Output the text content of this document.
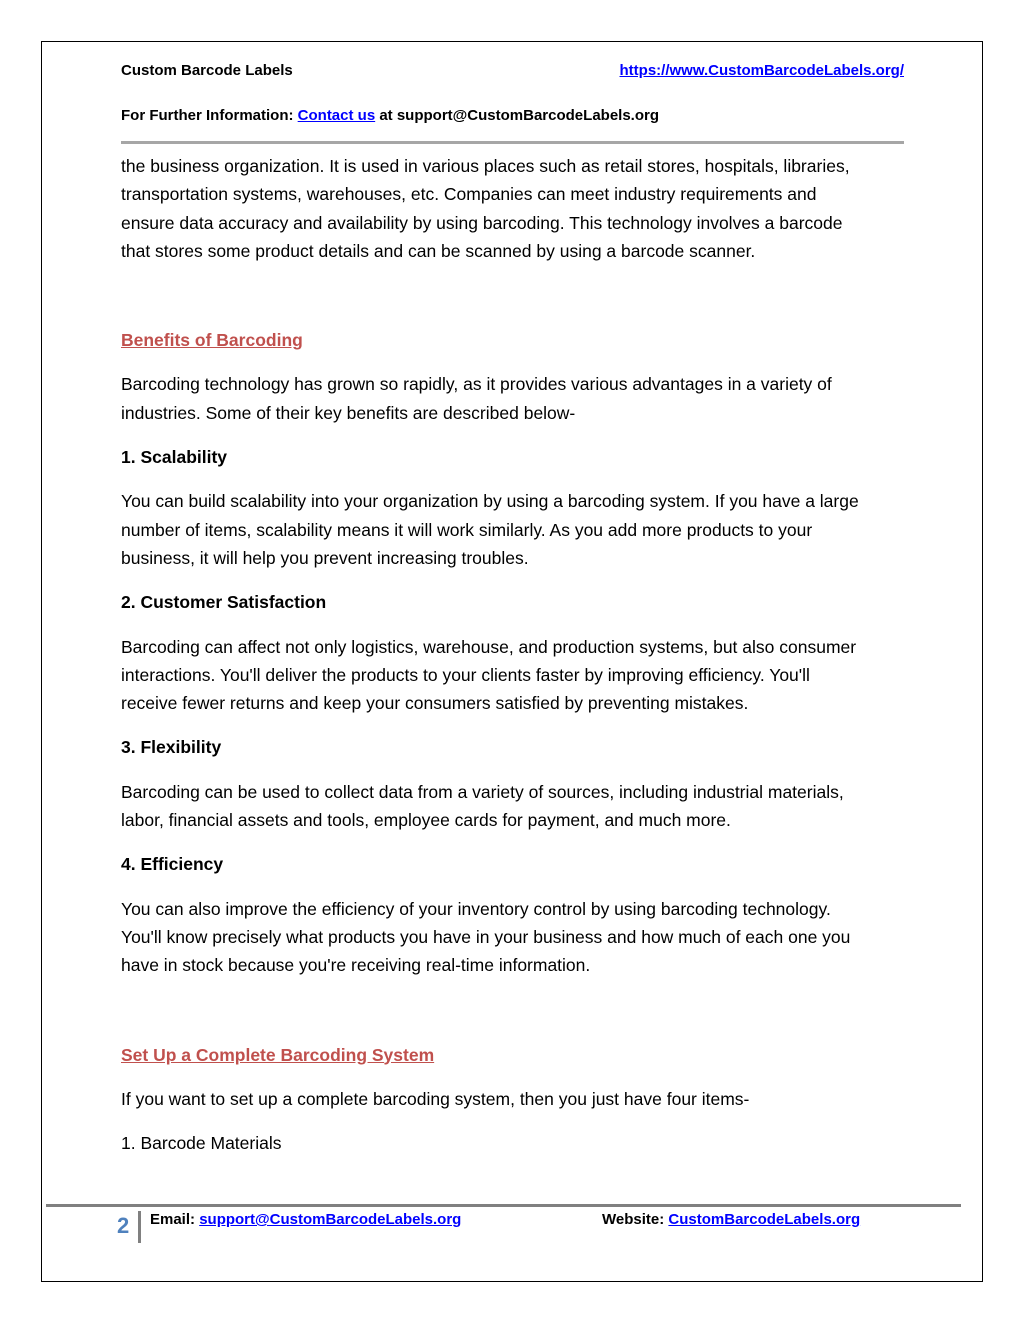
Custom Barcode Labels	https://www.CustomBarcodeLabels.org/
For Further Information: Contact us at support@CustomBarcodeLabels.org

the business organization. It is used in various places such as retail stores, hospitals, libraries,
transportation systems, warehouses, etc. Companies can meet industry requirements and
ensure data accuracy and availability by using barcoding. This technology involves a barcode
that stores some product details and can be scanned by using a barcode scanner.

Benefits of Barcoding

Barcoding technology has grown so rapidly, as it provides various advantages in a variety of
industries. Some of their key benefits are described below-

1. Scalability

You can build scalability into your organization by using a barcoding system. If you have a large
number of items, scalability means it will work similarly. As you add more products to your
business, it will help you prevent increasing troubles.

2. Customer Satisfaction

Barcoding can affect not only logistics, warehouse, and production systems, but also consumer
interactions. You'll deliver the products to your clients faster by improving efficiency. You'll
receive fewer returns and keep your consumers satisfied by preventing mistakes.

3. Flexibility

Barcoding can be used to collect data from a variety of sources, including industrial materials,
labor, financial assets and tools, employee cards for payment, and much more.

4. Efficiency

You can also improve the efficiency of your inventory control by using barcoding technology.
You'll know precisely what products you have in your business and how much of each one you
have in stock because you're receiving real-time information.

Set Up a Complete Barcoding System

If you want to set up a complete barcoding system, then you just have four items-

1. Barcode Materials

2	Email: support@CustomBarcodeLabels.org	Website: CustomBarcodeLabels.org
